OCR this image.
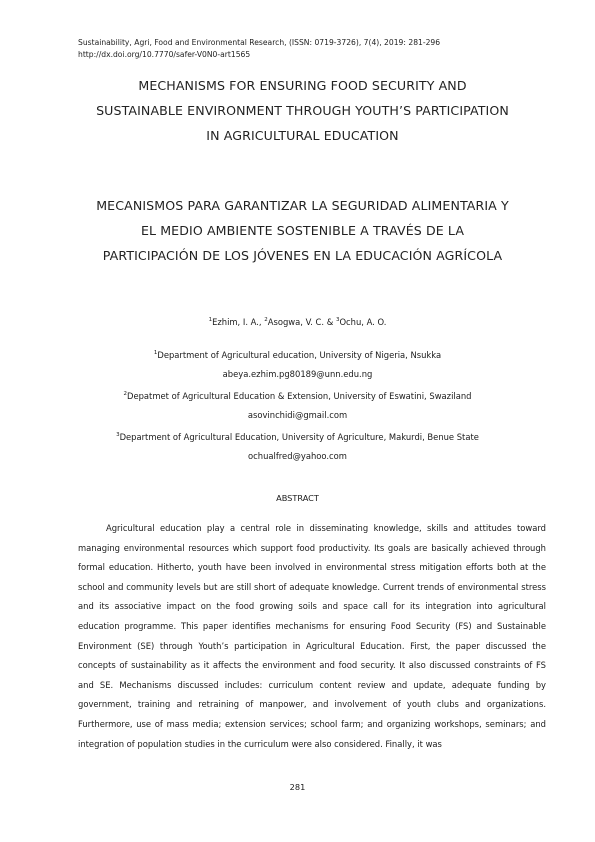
Sustainability, Agri, Food and Environmental Research, (ISSN: 0719-3726), 7(4), 2019: 281-296
http://dx.doi.org/10.7770/safer-V0N0-art1565
MECHANISMS FOR ENSURING FOOD SECURITY AND
SUSTAINABLE ENVIRONMENT THROUGH YOUTH’S PARTICIPATION
IN AGRICULTURAL EDUCATION
MECANISMOS PARA GARANTIZAR LA SEGURIDAD ALIMENTARIA Y
EL MEDIO AMBIENTE SOSTENIBLE A TRAVÉS DE LA
PARTICIPACIÓN DE LOS JÓVENES EN LA EDUCACIÓN AGRÍCOLA
$^1$Ezhim, I. A., $^2$Asogwa, V. C. & $^3$Ochu, A. O.
$^1$Department of Agricultural education, University of Nigeria, Nsukka
abeya.ezhim.pg80189@unn.edu.ng
$^2$Depatmet of Agricultural Education & Extension, University of Eswatini, Swaziland
asovinchidi@gmail.com
$^3$Department of Agricultural Education, University of Agriculture, Makurdi, Benue State
ochualfred@yahoo.com
ABSTRACT

Agricultural education play a central role in disseminating knowledge, skills and attitudes toward managing environmental resources which support food productivity. Its goals are basically achieved through formal education. Hitherto, youth have been involved in environmental stress mitigation efforts both at the school and community levels but are still short of adequate knowledge. Current trends of environmental stress and its associative impact on the food growing soils and space call for its integration into agricultural education programme. This paper identifies mechanisms for ensuring Food Security (FS) and Sustainable Environment (SE) through Youth’s participation in Agricultural Education. First, the paper discussed the concepts of sustainability as it affects the environment and food security. It also discussed constraints of FS and SE. Mechanisms discussed includes: curriculum content review and update, adequate funding by government, training and retraining of manpower, and involvement of youth clubs and organizations. Furthermore, use of mass media; extension services; school farm; and organizing workshops, seminars; and integration of population studies in the curriculum were also considered. Finally, it was

281
